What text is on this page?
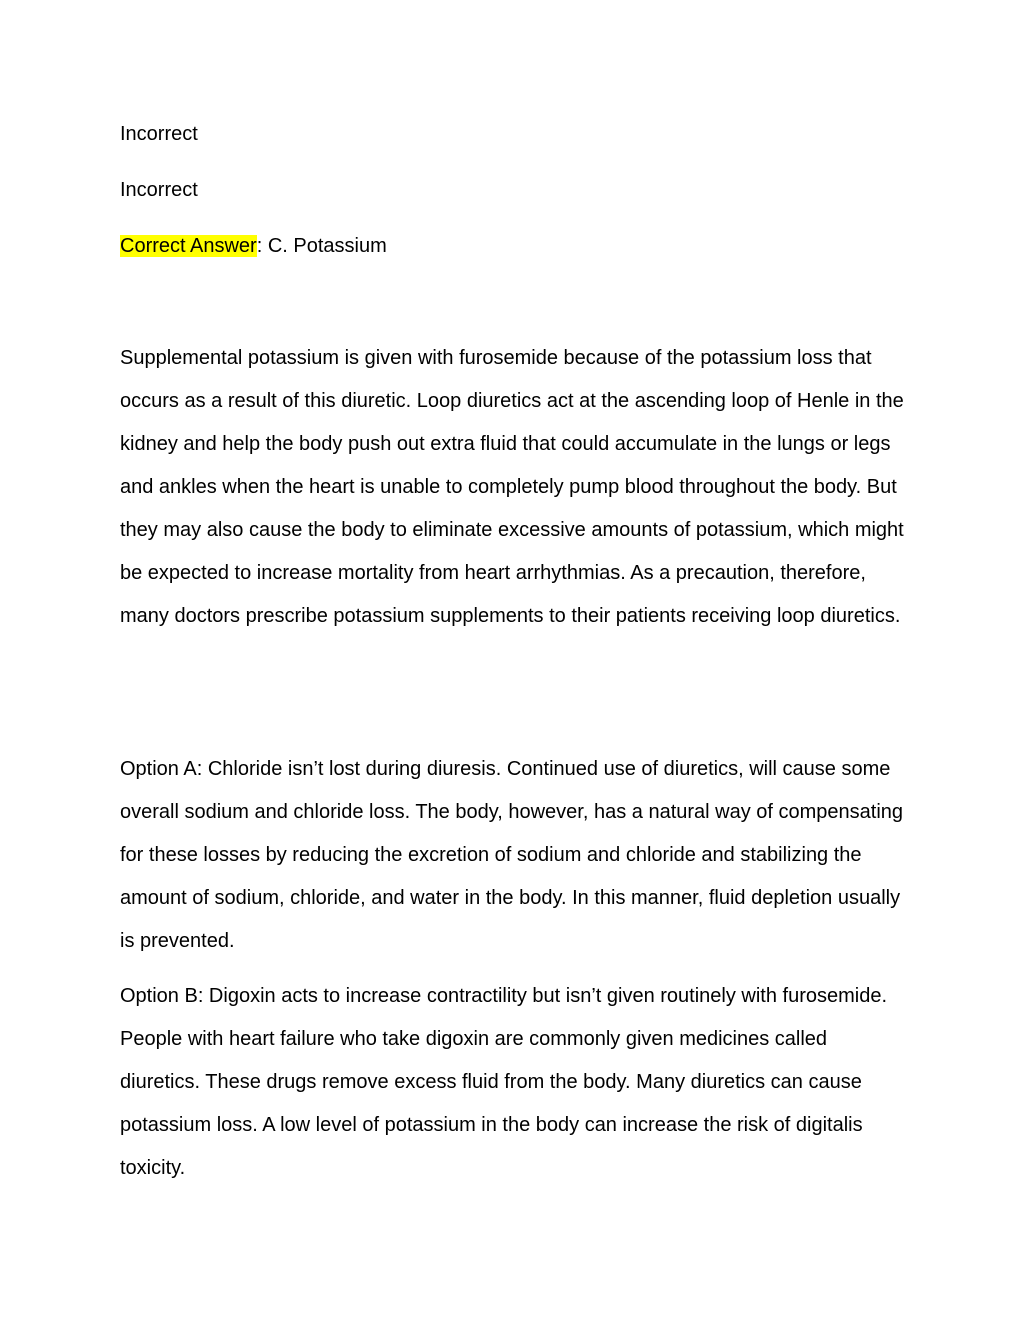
Incorrect
Incorrect
Correct Answer: C. Potassium

Supplemental potassium is given with furosemide because of the potassium loss that occurs as a result of this diuretic. Loop diuretics act at the ascending loop of Henle in the kidney and help the body push out extra fluid that could accumulate in the lungs or legs and ankles when the heart is unable to completely pump blood throughout the body. But they may also cause the body to eliminate excessive amounts of potassium, which might be expected to increase mortality from heart arrhythmias. As a precaution, therefore, many doctors prescribe potassium supplements to their patients receiving loop diuretics.

Option A: Chloride isn’t lost during diuresis. Continued use of diuretics, will cause some overall sodium and chloride loss. The body, however, has a natural way of compensating for these losses by reducing the excretion of sodium and chloride and stabilizing the amount of sodium, chloride, and water in the body. In this manner, fluid depletion usually is prevented.

Option B: Digoxin acts to increase contractility but isn’t given routinely with furosemide. People with heart failure who take digoxin are commonly given medicines called diuretics. These drugs remove excess fluid from the body. Many diuretics can cause potassium loss. A low level of potassium in the body can increase the risk of digitalis toxicity.
